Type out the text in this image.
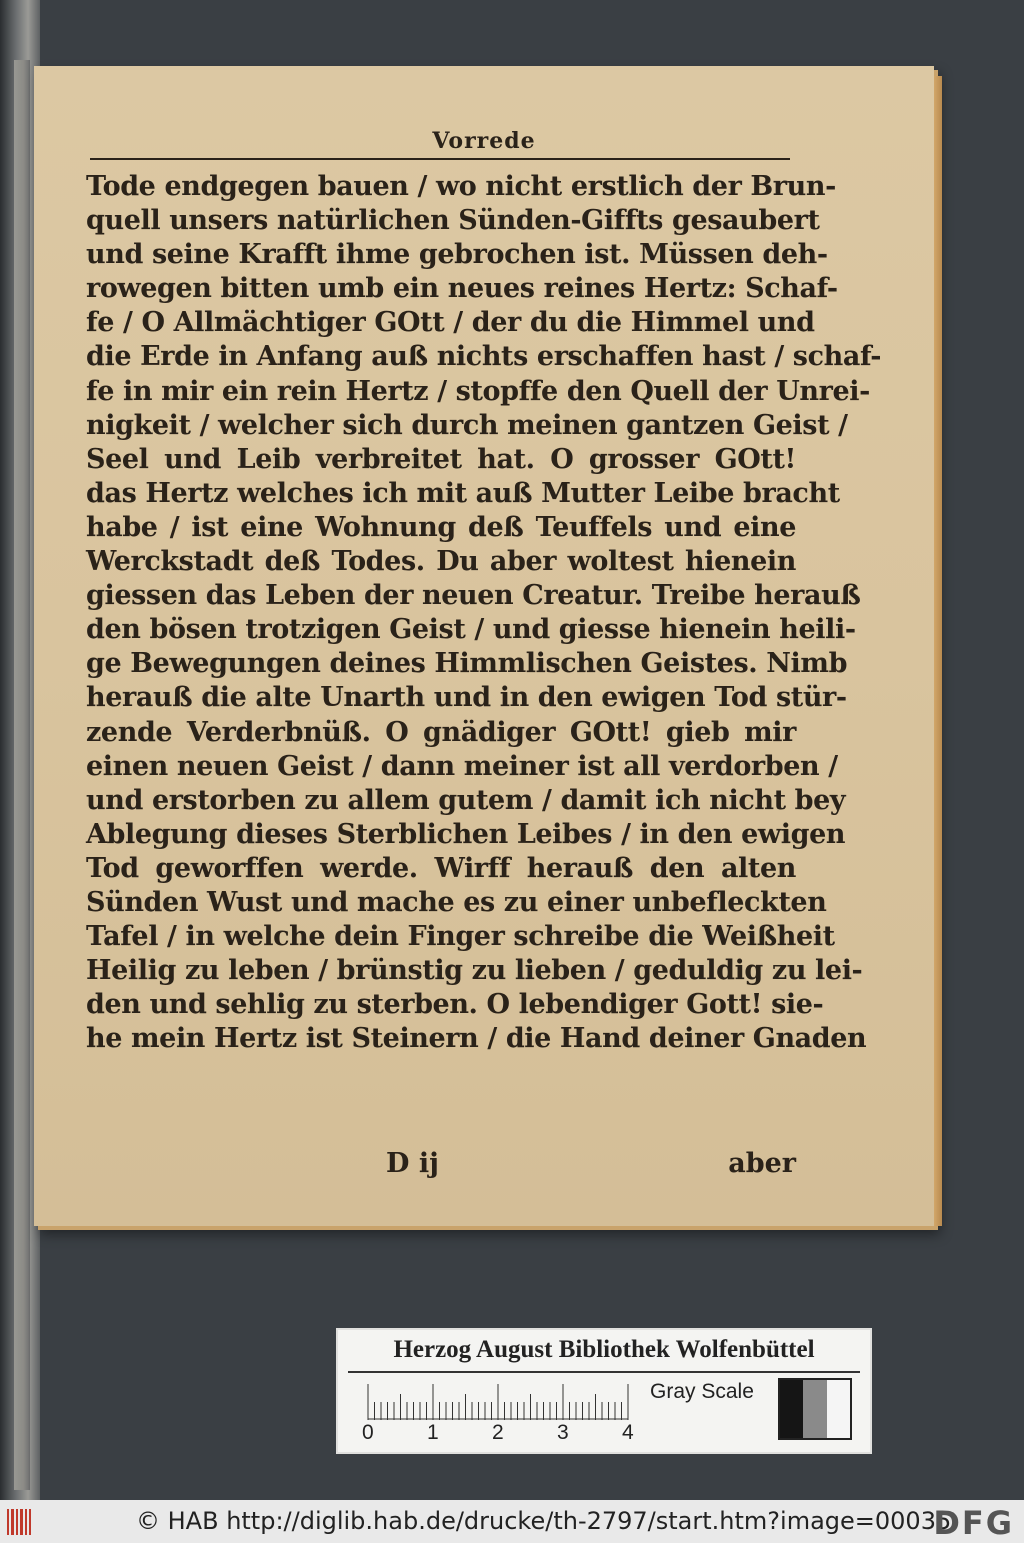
Vorrede
Tode endgegen bauen / wo nicht erstlich der Brun-
quell unsers natürlichen Sünden-Giffts gesaubert
und seine Krafft ihme gebrochen ist. Müssen deh-
rowegen bitten umb ein neues reines Hertz: Schaf-
fe / O Allmächtiger GOtt / der du die Himmel und
die Erde in Anfang auß nichts erschaffen hast / schaf-
fe in mir ein rein Hertz / stopffe den Quell der Unrei-
nigkeit / welcher sich durch meinen gantzen Geist /
Seel und Leib verbreitet hat. O grosser GOtt!
das Hertz welches ich mit auß Mutter Leibe bracht
habe / ist eine Wohnung deß Teuffels und eine
Werckstadt deß Todes. Du aber woltest hienein
giessen das Leben der neuen Creatur. Treibe herauß
den bösen trotzigen Geist / und giesse hienein heili-
ge Bewegungen deines Himmlischen Geistes. Nimb
herauß die alte Unarth und in den ewigen Tod stür-
zende Verderbnüß. O gnädiger GOtt! gieb mir
einen neuen Geist / dann meiner ist all verdorben /
und erstorben zu allem gutem / damit ich nicht bey
Ablegung dieses Sterblichen Leibes / in den ewigen
Tod geworffen werde. Wirff herauß den alten
Sünden Wust und mache es zu einer unbefleckten
Tafel / in welche dein Finger schreibe die Weißheit
Heilig zu leben / brünstig zu lieben / geduldig zu lei-
den und sehlig zu sterben. O lebendiger Gott! sie-
he mein Hertz ist Steinern / die Hand deiner Gnaden
D ij	aber
Herzog August Bibliothek Wolfenbüttel
0	1	2	3	4
Gray Scale
© HAB http://diglib.hab.de/drucke/th-2797/start.htm?image=00035
DFG
